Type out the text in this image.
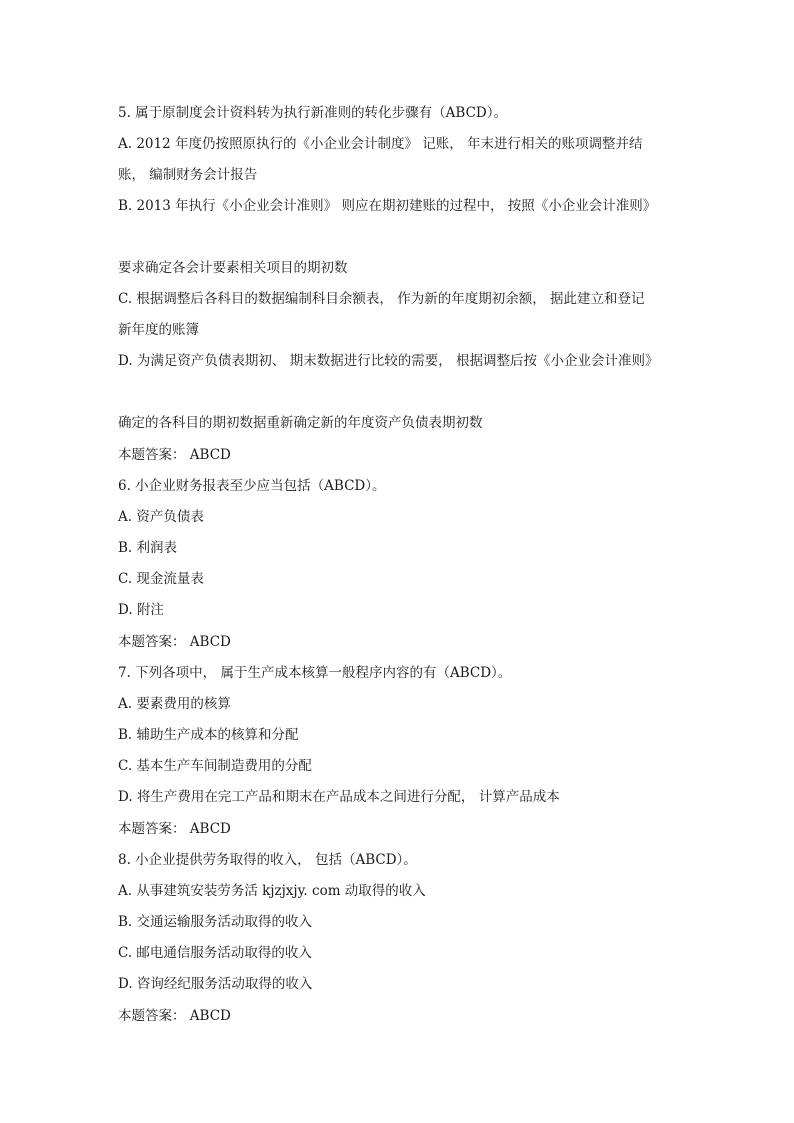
5. 属于原制度会计资料转为执行新准则的转化步骤有（ABCD）。
A. 2012 年度仍按照原执行的《小企业会计制度》 记账， 年末进行相关的账项调整并结
账， 编制财务会计报告
B. 2013 年执行《小企业会计准则》 则应在期初建账的过程中， 按照《小企业会计准则》
要求确定各会计要素相关项目的期初数
C. 根据调整后各科目的数据编制科目余额表， 作为新的年度期初余额， 据此建立和登记
新年度的账簿
D. 为满足资产负债表期初、 期末数据进行比较的需要， 根据调整后按《小企业会计准则》
确定的各科目的期初数据重新确定新的年度资产负债表期初数
本题答案： ABCD
6. 小企业财务报表至少应当包括（ABCD）。
A. 资产负债表
B. 利润表
C. 现金流量表
D. 附注
本题答案： ABCD
7. 下列各项中， 属于生产成本核算一般程序内容的有（ABCD）。
A. 要素费用的核算
B. 辅助生产成本的核算和分配
C. 基本生产车间制造费用的分配
D. 将生产费用在完工产品和期末在产品成本之间进行分配， 计算产品成本
本题答案： ABCD
8. 小企业提供劳务取得的收入， 包括（ABCD）。
A. 从事建筑安装劳务活 kjzjxjy. com 动取得的收入
B. 交通运输服务活动取得的收入
C. 邮电通信服务活动取得的收入
D. 咨询经纪服务活动取得的收入
本题答案： ABCD
